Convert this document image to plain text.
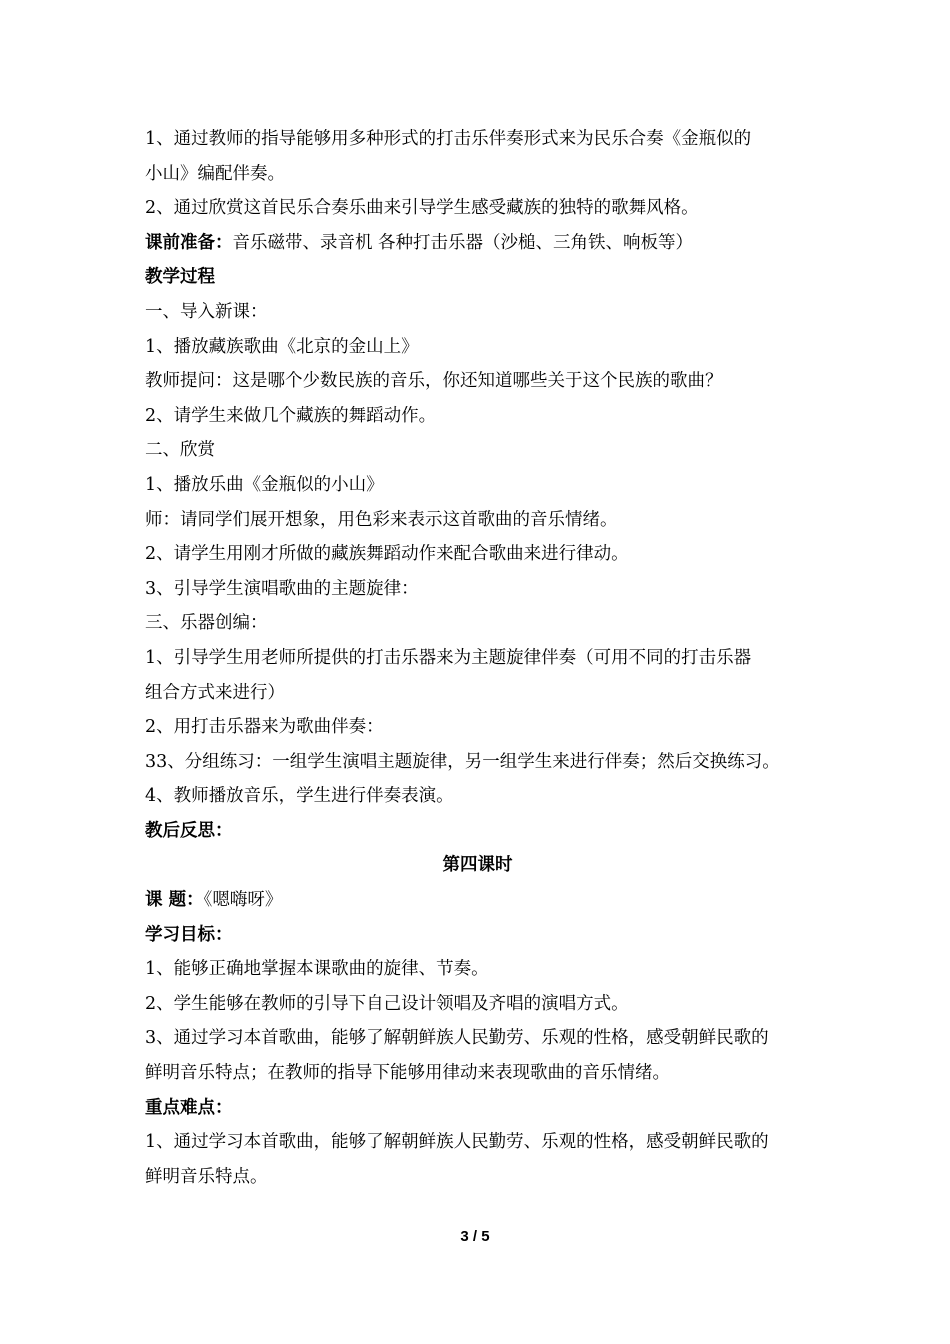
1、通过教师的指导能够用多种形式的打击乐伴奏形式来为民乐合奏《金瓶似的
小山》编配伴奏。
2、通过欣赏这首民乐合奏乐曲来引导学生感受藏族的独特的歌舞风格。
课前准备：音乐磁带、录音机 各种打击乐器（沙槌、三角铁、响板等）
教学过程
一、导入新课：
1、播放藏族歌曲《北京的金山上》
教师提问：这是哪个少数民族的音乐，你还知道哪些关于这个民族的歌曲？
2、请学生来做几个藏族的舞蹈动作。
二、欣赏
1、播放乐曲《金瓶似的小山》
师：请同学们展开想象，用色彩来表示这首歌曲的音乐情绪。
2、请学生用刚才所做的藏族舞蹈动作来配合歌曲来进行律动。
3、引导学生演唱歌曲的主题旋律：
三、乐器创编：
1、引导学生用老师所提供的打击乐器来为主题旋律伴奏（可用不同的打击乐器
组合方式来进行）
2、用打击乐器来为歌曲伴奏：
33、分组练习：一组学生演唱主题旋律，另一组学生来进行伴奏；然后交换练习。
4、教师播放音乐，学生进行伴奏表演。
教后反思：
第四课时
课 题：《嗯嗨呀》
学习目标：
1、能够正确地掌握本课歌曲的旋律、节奏。
2、学生能够在教师的引导下自己设计领唱及齐唱的演唱方式。
3、通过学习本首歌曲，能够了解朝鲜族人民勤劳、乐观的性格，感受朝鲜民歌的
鲜明音乐特点；在教师的指导下能够用律动来表现歌曲的音乐情绪。
重点难点：
1、通过学习本首歌曲，能够了解朝鲜族人民勤劳、乐观的性格，感受朝鲜民歌的
鲜明音乐特点。
3 / 5
